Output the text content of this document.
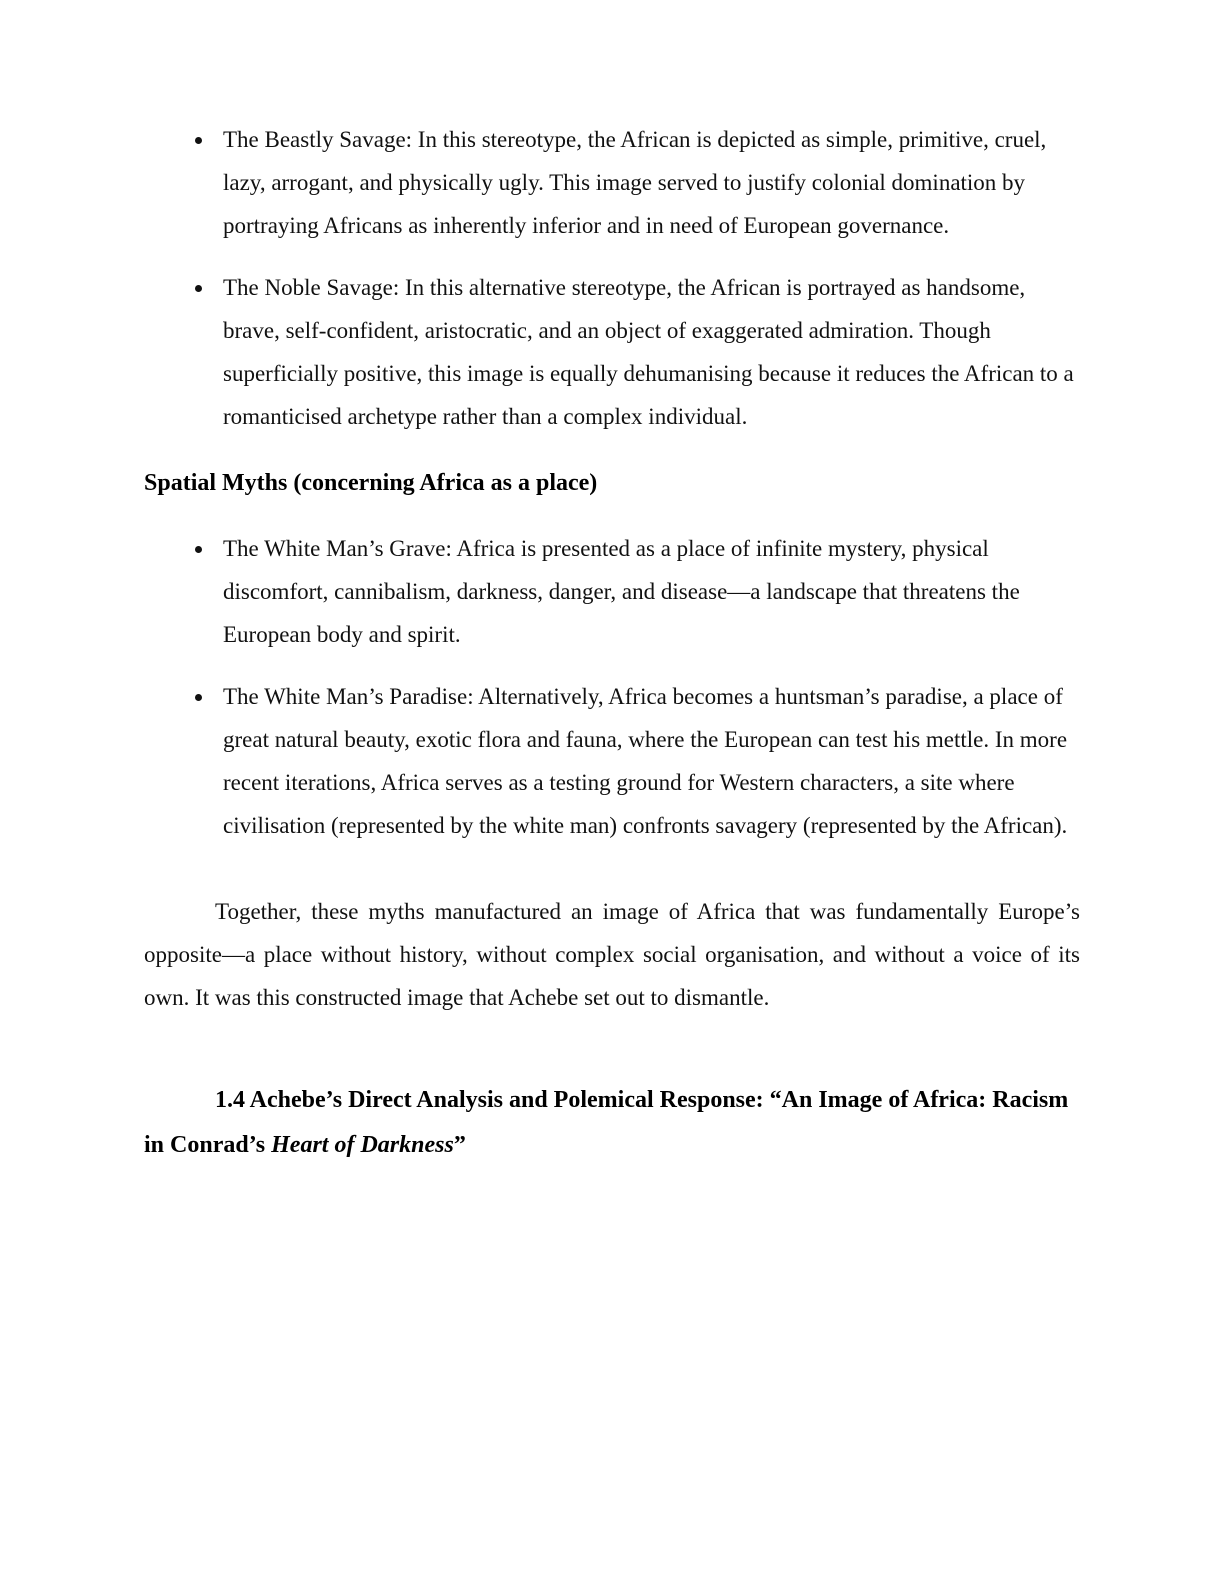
• The Beastly Savage: In this stereotype, the African is depicted as simple, primitive, cruel, lazy, arrogant, and physically ugly. This image served to justify colonial domination by portraying Africans as inherently inferior and in need of European governance.
• The Noble Savage: In this alternative stereotype, the African is portrayed as handsome, brave, self-confident, aristocratic, and an object of exaggerated admiration. Though superficially positive, this image is equally dehumanising because it reduces the African to a romanticised archetype rather than a complex individual.
Spatial Myths (concerning Africa as a place)
• The White Man’s Grave: Africa is presented as a place of infinite mystery, physical discomfort, cannibalism, darkness, danger, and disease—a landscape that threatens the European body and spirit.
• The White Man’s Paradise: Alternatively, Africa becomes a huntsman’s paradise, a place of great natural beauty, exotic flora and fauna, where the European can test his mettle. In more recent iterations, Africa serves as a testing ground for Western characters, a site where civilisation (represented by the white man) confronts savagery (represented by the African).

Together, these myths manufactured an image of Africa that was fundamentally Europe’s opposite—a place without history, without complex social organisation, and without a voice of its own. It was this constructed image that Achebe set out to dismantle.

1.4 Achebe’s Direct Analysis and Polemical Response: “An Image of Africa: Racism in Conrad’s Heart of Darkness”
